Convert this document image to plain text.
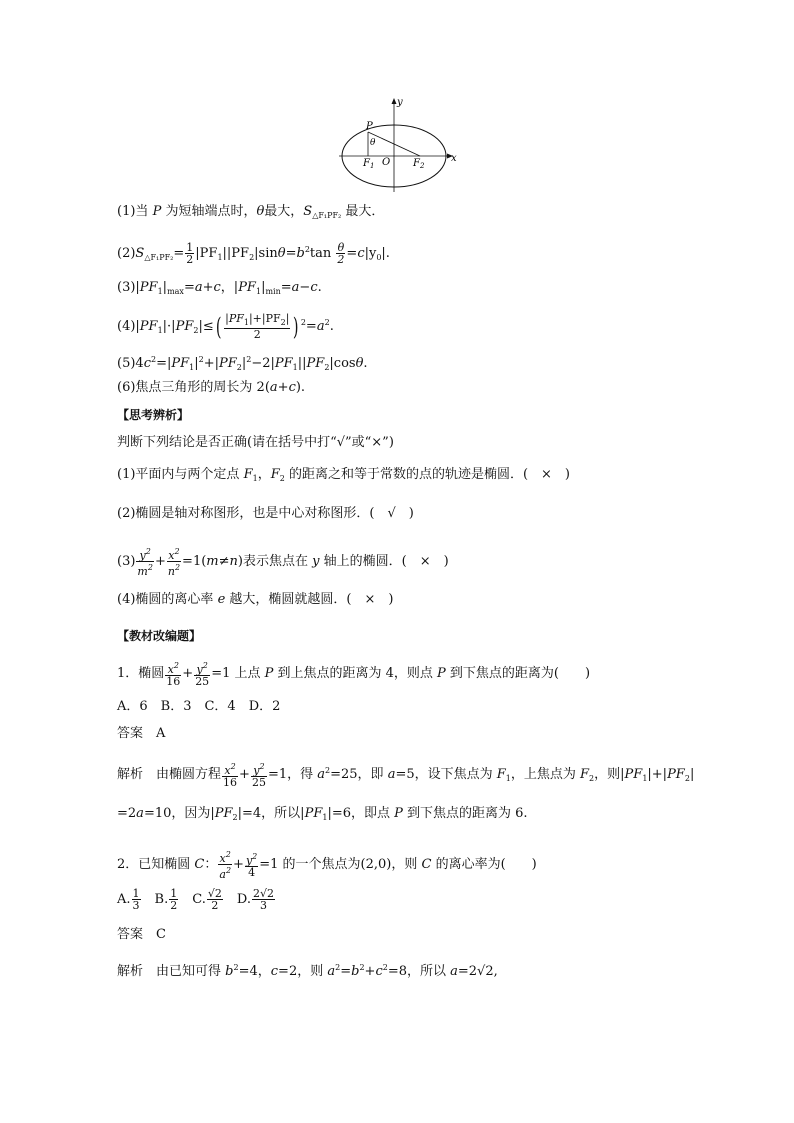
y
x
P
θ
$F_1$ O $F_2$
(1)当 P 为短轴端点时，θ最大，$S_{\triangle F_1PF_2}$ 最大．
$(2)S_{\triangle F_1PF_2}= \frac{1}{2} |PF_1||PF_2|\sin\theta=b^2\tan \frac{\theta}{2} =c|y_0|$.
$(3)|PF_1|_{max}=a+c$，$|PF_1|_{min}=a-c$.
$(4)|PF_1|\cdot|PF_2|\le( \frac{|PF_1|+|PF_2|}{2}$ ) $^2=a^2$.
$(5)4c^2=|PF_1|^2+|PF_2|^2-2|PF_1||PF_2|\cos\theta$.
(6)焦点三角形的周长为 2(a+c).
【思考辨析】
判断下列结论是否正确(请在括号中打“√”或“×”)
(1)平面内与两个定点 $F_1$，$F_2$ 的距离之和等于常数的点的轨迹是椭圆．(　×　)
(2)椭圆是轴对称图形，也是中心对称图形．(　√　)
$(3) \frac{y^2}{m^2} + \frac{x^2}{n^2} =1(m\ne n)$表示焦点在 y 轴上的椭圆．(　×　)
(4)椭圆的离心率 e 越大，椭圆就越圆．(　×　)
【教材改编题】
1．椭圆 $\frac{x^2}{16} + \frac{y^2}{25} =1$ 上点 P 到上焦点的距离为 4，则点 P 到下焦点的距离为(　　)
A．6　B．3　C．4　D．2
答案　 A
解析　 由椭圆方程 $\frac{x^2}{16} + \frac{y^2}{25} =1$，得 $a^2=25$，即 a=5，设下焦点为 $F_1$，上焦点为 $F_2$，则$|PF_1|+|PF_2|$
=2a=10，因为$|PF_2|=4$，所以$|PF_1|=6$，即点 P 到下焦点的距离为 6.
2．已知椭圆 C： $\frac{x^2}{a^2} + \frac{y^2}{4} =1$ 的一个焦点为(2,0)，则 C 的离心率为(　　)
A. $\frac{1}{3}$ 　B. $\frac{1}{2}$ 　C. $\frac{√2}{2}$ 　D. $\frac{2√2}{3}$
答案　 C
解析　 由已知可得 $b^2=4$，c=2，则 $a^2=b^2+c^2=8$，所以 a=2√2,
